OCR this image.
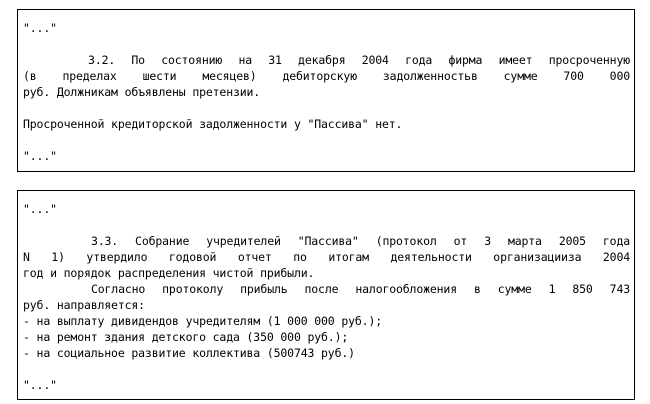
"..."
3.2. По состоянию на 31 декабря 2004 года фирма имеет просроченную
(в пределах шести месяцев) дебиторскую задолженностьв сумме 700 000
руб. Должникам объявлены претензии.
Просроченной кредиторской задолженности у "Пассива" нет.
"..."
"..."
3.3. Собрание учредителей "Пассива" (протокол от 3 марта 2005 года
N 1) утвердило годовой отчет по итогам деятельности организацииза 2004
год и порядок распределения чистой прибыли.
Согласно протоколу прибыль после налогообложения в сумме 1 850 743
руб. направляется:
- на выплату дивидендов учредителям (1 000 000 руб.);
- на ремонт здания детского сада (350 000 руб.);
- на социальное развитие коллектива (500743 руб.)
"..."
